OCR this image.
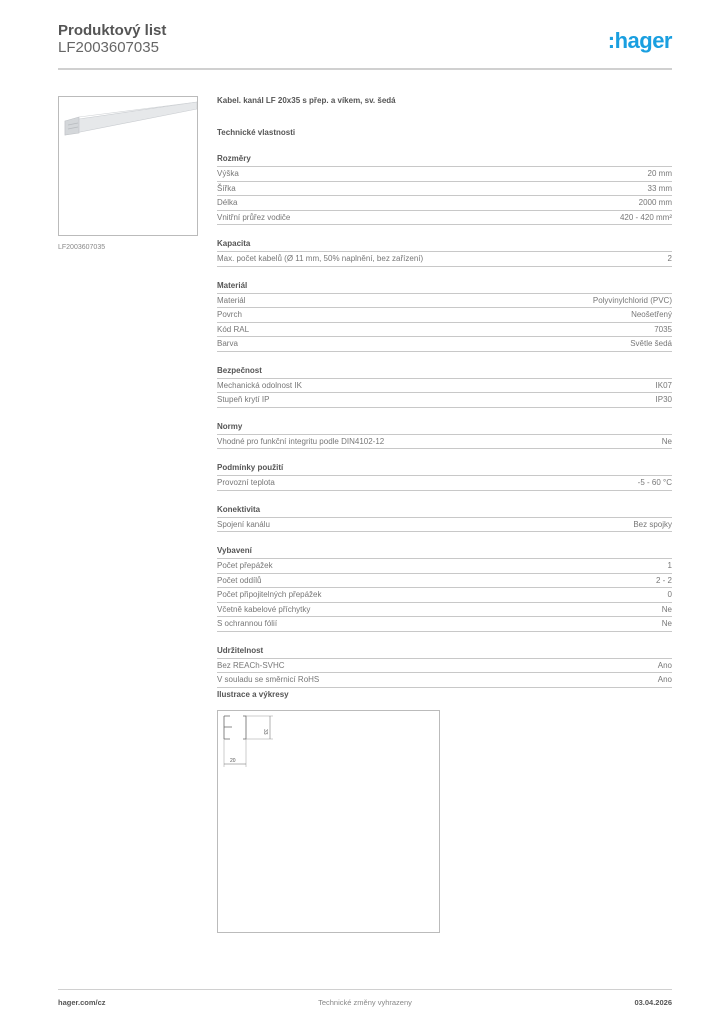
Produktový list
LF2003607035	:hager
LF2003607035
Kabel. kanál LF 20x35 s přep. a víkem, sv. šedá
Technické vlastnosti
Rozměry
Výška	20 mm
Šířka	33 mm
Délka	2000 mm
Vnitřní průřez vodiče	420 - 420 mm²
Kapacita
Max. počet kabelů (Ø 11 mm, 50% naplnění, bez zařízení)	2
Materiál
Materiál	Polyvinylchlorid (PVC)
Povrch	Neošetřený
Kód RAL	7035
Barva	Světle šedá
Bezpečnost
Mechanická odolnost IK	IK07
Stupeň krytí IP	IP30
Normy
Vhodné pro funkční integritu podle DIN4102-12	Ne
Podmínky použití
Provozní teplota	-5 - 60 °C
Konektivita
Spojení kanálu	Bez spojky
Vybavení
Počet přepážek	1
Počet oddílů	2 - 2
Počet připojitelných přepážek	0
Včetně kabelové příchytky	Ne
S ochrannou fólií	Ne
Udržitelnost
Bez REACh-SVHC	Ano
V souladu se směrnicí RoHS	Ano
Ilustrace a výkresy
33
20
hager.com/cz	Technické změny vyhrazeny	03.04.2026
